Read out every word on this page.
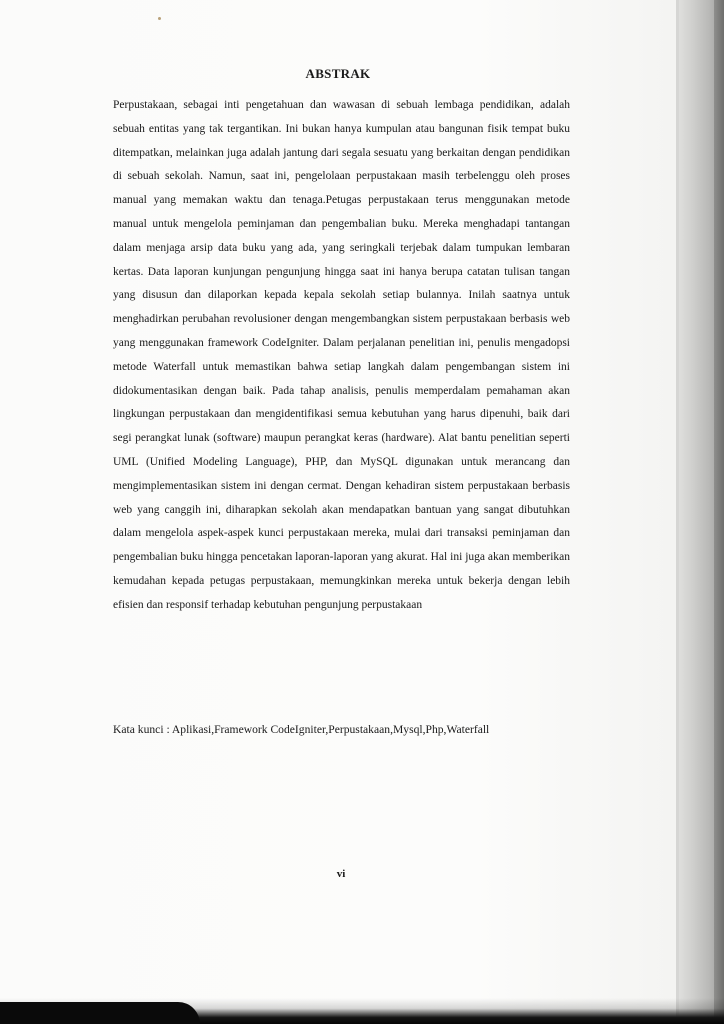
ABSTRAK

Perpustakaan, sebagai inti pengetahuan dan wawasan di sebuah lembaga pendidikan, adalah sebuah entitas yang tak tergantikan. Ini bukan hanya kumpulan atau bangunan fisik tempat buku ditempatkan, melainkan juga adalah jantung dari segala sesuatu yang berkaitan dengan pendidikan di sebuah sekolah. Namun, saat ini, pengelolaan perpustakaan masih terbelenggu oleh proses manual yang memakan waktu dan tenaga.Petugas perpustakaan terus menggunakan metode manual untuk mengelola peminjaman dan pengembalian buku. Mereka menghadapi tantangan dalam menjaga arsip data buku yang ada, yang seringkali terjebak dalam tumpukan lembaran kertas. Data laporan kunjungan pengunjung hingga saat ini hanya berupa catatan tulisan tangan yang disusun dan dilaporkan kepada kepala sekolah setiap bulannya. Inilah saatnya untuk menghadirkan perubahan revolusioner dengan mengembangkan sistem perpustakaan berbasis web yang menggunakan framework CodeIgniter. Dalam perjalanan penelitian ini, penulis mengadopsi metode Waterfall untuk memastikan bahwa setiap langkah dalam pengembangan sistem ini didokumentasikan dengan baik. Pada tahap analisis, penulis memperdalam pemahaman akan lingkungan perpustakaan dan mengidentifikasi semua kebutuhan yang harus dipenuhi, baik dari segi perangkat lunak (software) maupun perangkat keras (hardware). Alat bantu penelitian seperti UML (Unified Modeling Language), PHP, dan MySQL digunakan untuk merancang dan mengimplementasikan sistem ini dengan cermat. Dengan kehadiran sistem perpustakaan berbasis web yang canggih ini, diharapkan sekolah akan mendapatkan bantuan yang sangat dibutuhkan dalam mengelola aspek-aspek kunci perpustakaan mereka, mulai dari transaksi peminjaman dan pengembalian buku hingga pencetakan laporan-laporan yang akurat. Hal ini juga akan memberikan kemudahan kepada petugas perpustakaan, memungkinkan mereka untuk bekerja dengan lebih efisien dan responsif terhadap kebutuhan pengunjung perpustakaan

Kata kunci : Aplikasi,Framework CodeIgniter,Perpustakaan,Mysql,Php,Waterfall

vi
